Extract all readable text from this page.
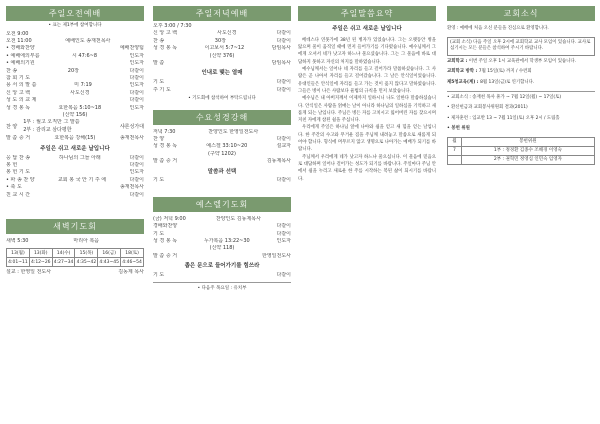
주일오전예배
• 표는 제1부에 참여합니다
오전 9:00
오전 11:00	예배인도 송재천목사
• 경배와찬양	예배찬양팀
• 예배에의부름	시 47:6~8	인도자
• 예배의기원	인도자
찬 송	20장	다같이
참 회 기 도	다같이
용 서 의 말 씀	미 7:19	인도자
신 앙 고 백	사도신경	다같이
성 도 의 교 제	다같이
성 경 봉 독	요한복음 5:10~18	인도자
(신약 156)
찬 양
1부 : 월고 오직만 그 말씀
2부 : 감리교 삼다평한	샤론성가대
말 씀 증 거	요한복음 강해(15)	송재천목사
주일은 쉬고 새로운 날입니다
응 답 찬 송	하나님의 그늘 아래	다같이
봉 헌	다같이
봉 헌 기 도	인도자
• 파 송 찬 양	교회 봉 국 안 기 주 에	다같이
• 축 도	송재천목사
친 교 시 간	다같이
새벽기도회
새벽 5:30	마리아 복음
13(월)	13(화)	14(수)	15(목)	16(금)	18(토)
4:01~11	4:12~26	4:27~34	4:35~42	4:43~45	4:46~54
설교 : 한영일 전도사	김동제 목사
주일저녁예배
오후 3:00 / 7:30
신 앙 고 백	사도신경	다같이
찬 송	30장	다같이
성 경 봉 독	이고보서 5:7~12	담임목사
(신약 376)
말 씀	담임목사
인내로 맺는 열매
기 도	다같이
주 기 도	다같이
• 기도회에 참석하여 부탁드립니다
수요성경강해
저녁 7:30	찬양인도 한영일전도사
찬 양	다같이
성 경 봉 독	예스겔 33:10~20	설교자
(구약 1202)
말 씀 증 거	김동제목사
말씀과 선택
기 도	다같이
예스렐기도회
(금) 저녁 9:00	찬양인도 김동제목사
경배와찬양	다같이
기 도	다같이
성 경 봉 독	누가복음 13:22~30	인도자
(신약 118)
말 씀 증 거	한영일전도사
좁은 문으로 들어가기를 힘쓰라
기 도	다같이
• 다음주 목요일 : 유치부
주일말씀요약
주일은 쉬고 새로운 날입니다

베데스다 연못가에 38년 된 병자가 있었습니다. 그는 오랫동안 병을 앓으며 물이 움직일 때에 먼저 들어가기를 기다렸습니다. 예수님께서 그에게 오셔서 네가 낫고자 하느냐 물으셨습니다. 그는 그 물음에 바로 대답하지 못하고 자신의 처지를 말하였습니다.

예수님께서는 일어나 네 자리를 들고 걸어가라 말씀하셨습니다. 그 사람은 곧 나아서 자리를 들고 걸어갔습니다. 그 날은 안식일이었습니다. 유대인들은 안식일에 자리를 들고 가는 것이 옳지 않다고 말하였습니다. 그들은 병이 나은 사람보다 율법의 규칙을 먼저 보았습니다.

예수님은 내 아버지께서 이제까지 일하시니 나도 일한다 말씀하셨습니다. 안식일은 사람을 얽매는 날이 아니라 하나님의 일하심을 기억하고 새롭게 되는 날입니다. 주님은 병든 자를 고치시고 잃어버린 자를 찾으시며 지친 자에게 참된 쉼을 주십니다.

우리에게 주일은 하나님 앞에 나아와 쉼을 얻고 새 힘을 얻는 날입니다. 한 주간의 수고와 무거운 짐을 주님께 내려놓고 말씀으로 새롭게 되어야 합니다. 형식에 머무르지 않고 생명으로 나아가는 예배가 되기를 바랍니다.

주님께서 우리에게 네가 낫고자 하느냐 물으십니다. 이 물음에 믿음으로 대답하며 일어나 걸어가는 성도가 되기를 바랍니다. 주일마다 주님 안에서 쉼을 누리고 새로운 한 주를 시작하는 복된 삶이 되시기를 바랍니다.

교회소식
환영 : 예배에 처음 오신 분들을 진심으로 환영합니다.
(교회 소식) 다음 주일 오후 2시에 교회학교 교사 모임이 있습니다. 교사로 섬기시는 모든 분들은 참석하여 주시기 바랍니다.
교회학교 : 이번 주일 오후 1시 교육관에서 학생부 모임이 있습니다.
교회학교 방학 : 7월 15일(토) 까지 / 수련회
제5청교육(계) : 8월 13일(금)로 연기합니다.
• 교회소식 : 송재천 목사 휴가 ~ 7월 12일(월) ~ 17일(토)
• 환신헌금과 교회봉사위원회 결과(2011)
• 제자훈련 : 입교반 13 ~ 7월 11일(토) 오후 2시 / 도림홀
• 봉헌 위원
월	봉헌위원
7	1부 : 정경환 김종수 조해경 이영숙
	2부 : 권혁민 정영심 인민숙 임영자
